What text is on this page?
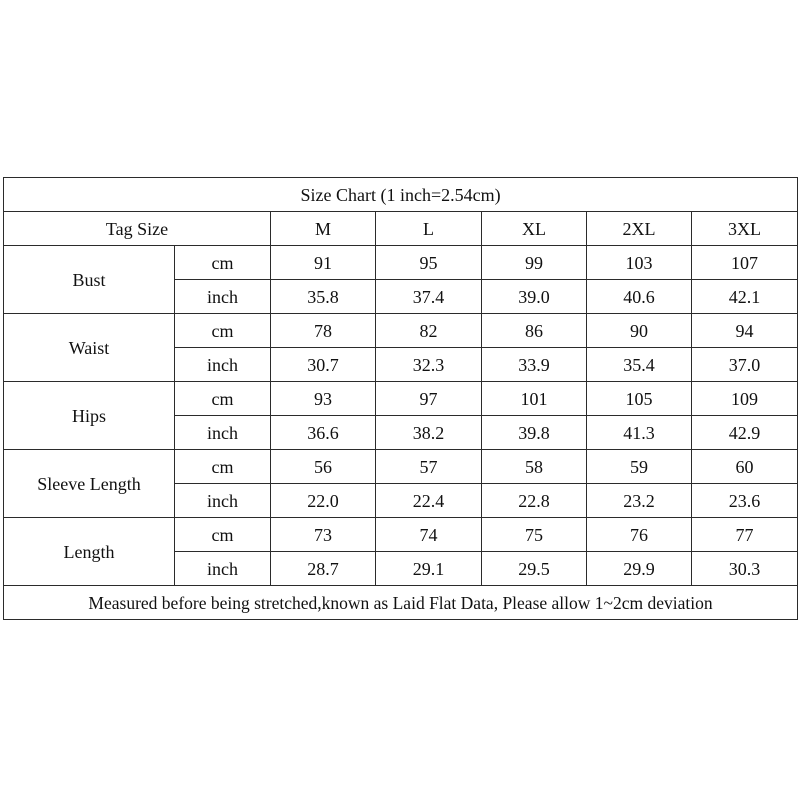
Size Chart (1 inch=2.54cm)						
Tag Size		M	L	XL	2XL	3XL
Bust	cm	91	95	99	103	107
	inch	35.8	37.4	39.0	40.6	42.1
Waist	cm	78	82	86	90	94
	inch	30.7	32.3	33.9	35.4	37.0
Hips	cm	93	97	101	105	109
	inch	36.6	38.2	39.8	41.3	42.9
Sleeve Length	cm	56	57	58	59	60
	inch	22.0	22.4	22.8	23.2	23.6
Length	cm	73	74	75	76	77
	inch	28.7	29.1	29.5	29.9	30.3
Measured before being stretched,known as Laid Flat Data, Please allow 1~2cm deviation						
